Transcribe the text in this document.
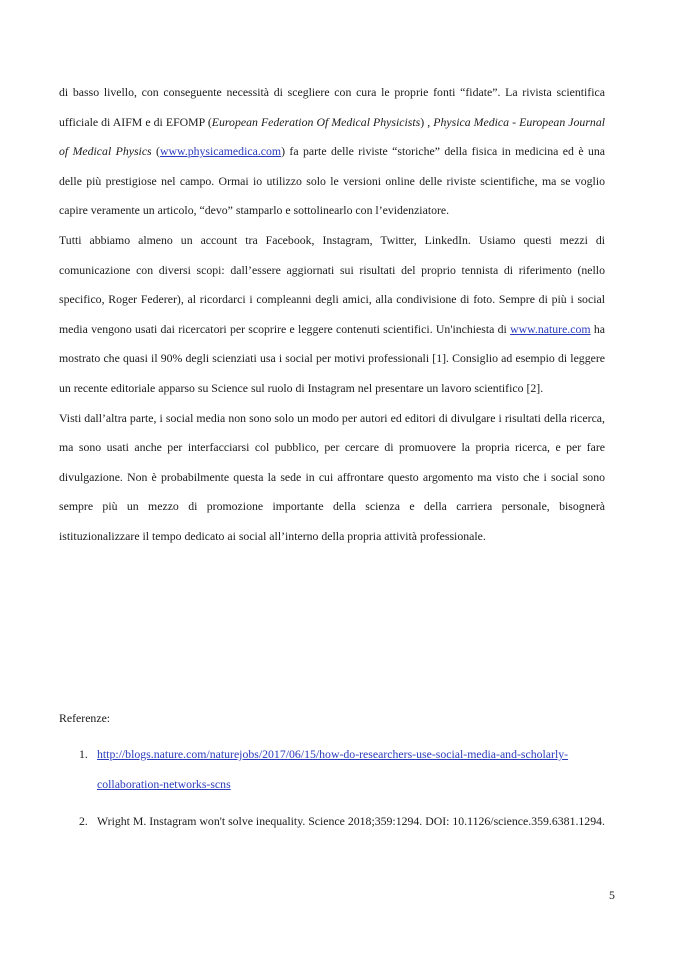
di basso livello, con conseguente necessità di scegliere con cura le proprie fonti “fidate”. La rivista scientifica ufficiale di AIFM e di EFOMP (European Federation Of Medical Physicists) , Physica Medica - European Journal of Medical Physics (www.physicamedica.com) fa parte delle riviste “storiche” della fisica in medicina ed è una delle più prestigiose nel campo. Ormai io utilizzo solo le versioni online delle riviste scientifiche, ma se voglio capire veramente un articolo, “devo” stamparlo e sottolinearlo con l’evidenziatore.

Tutti abbiamo almeno un account tra Facebook, Instagram, Twitter, LinkedIn. Usiamo questi mezzi di comunicazione con diversi scopi: dall’essere aggiornati sui risultati del proprio tennista di riferimento (nello specifico, Roger Federer), al ricordarci i compleanni degli amici, alla condivisione di foto. Sempre di più i social media vengono usati dai ricercatori per scoprire e leggere contenuti scientifici. Un'inchiesta di www.nature.com ha mostrato che quasi il 90% degli scienziati usa i social per motivi professionali [1]. Consiglio ad esempio di leggere un recente editoriale apparso su Science sul ruolo di Instagram nel presentare un lavoro scientifico [2].

Visti dall’altra parte, i social media non sono solo un modo per autori ed editori di divulgare i risultati della ricerca, ma sono usati anche per interfacciarsi col pubblico, per cercare di promuovere la propria ricerca, e per fare divulgazione. Non è probabilmente questa la sede in cui affrontare questo argomento ma visto che i social sono sempre più un mezzo di promozione importante della scienza e della carriera personale, bisognerà istituzionalizzare il tempo dedicato ai social all’interno della propria attività professionale.

Referenze:

1. http://blogs.nature.com/naturejobs/2017/06/15/how-do-researchers-use-social-media-and-scholarly-collaboration-networks-scns
2. Wright M. Instagram won't solve inequality. Science 2018;359:1294. DOI: 10.1126/science.359.6381.1294.
5
